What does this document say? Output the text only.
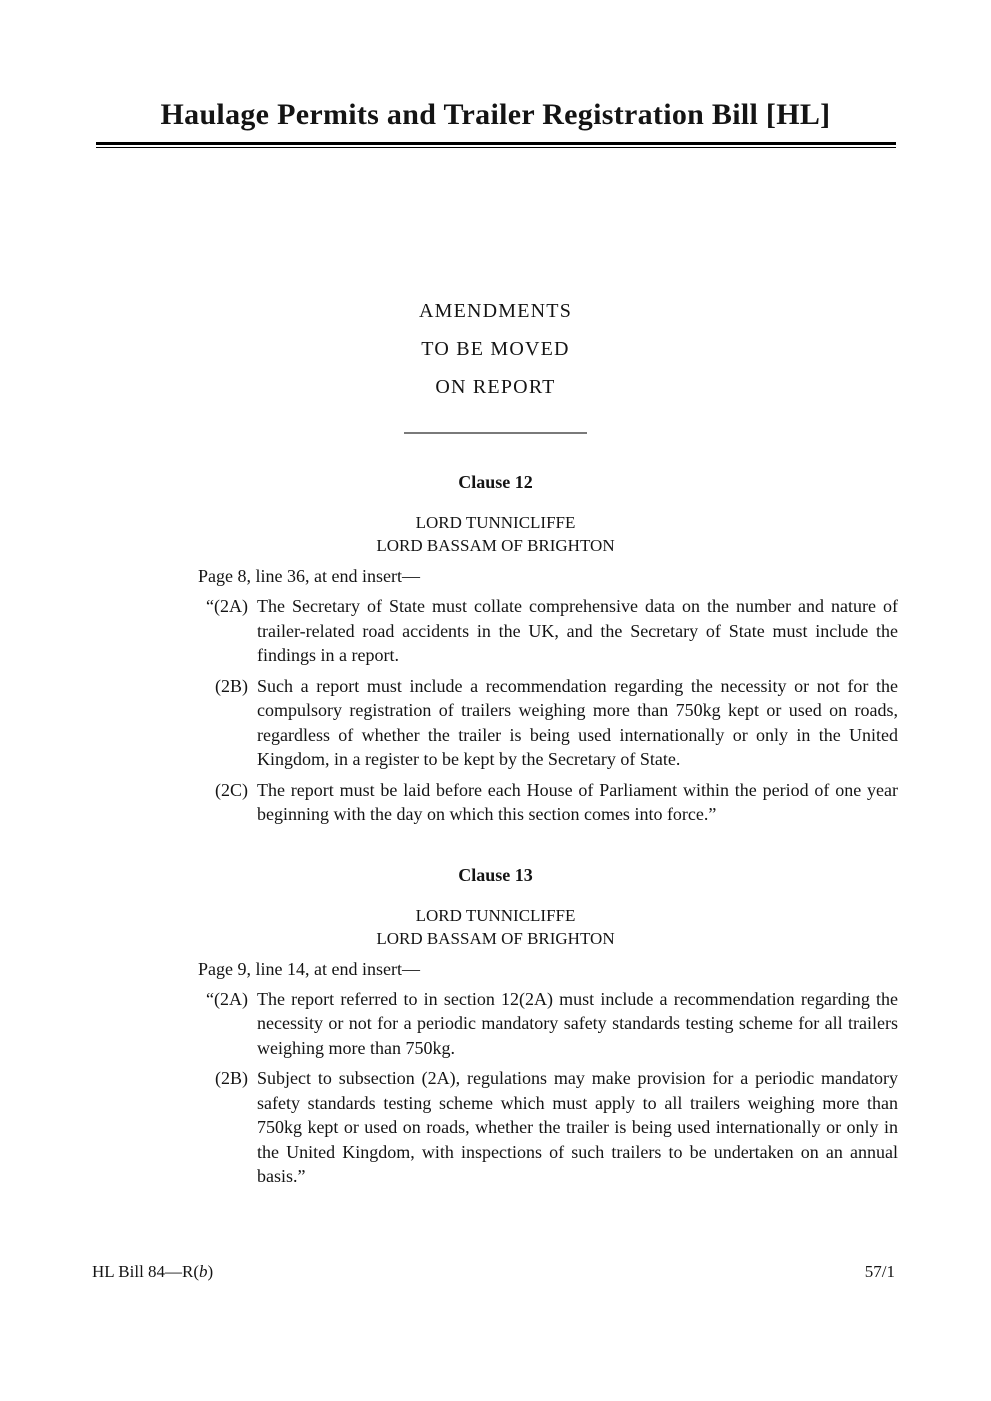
Haulage Permits and Trailer Registration Bill [HL]
AMENDMENTS
TO BE MOVED
ON REPORT
Clause 12
LORD TUNNICLIFFE
LORD BASSAM OF BRIGHTON
Page 8, line 36, at end insert—
“(2A) The Secretary of State must collate comprehensive data on the number and nature of trailer-related road accidents in the UK, and the Secretary of State must include the findings in a report.
(2B) Such a report must include a recommendation regarding the necessity or not for the compulsory registration of trailers weighing more than 750kg kept or used on roads, regardless of whether the trailer is being used internationally or only in the United Kingdom, in a register to be kept by the Secretary of State.
(2C) The report must be laid before each House of Parliament within the period of one year beginning with the day on which this section comes into force.”
Clause 13
LORD TUNNICLIFFE
LORD BASSAM OF BRIGHTON
Page 9, line 14, at end insert—
“(2A) The report referred to in section 12(2A) must include a recommendation regarding the necessity or not for a periodic mandatory safety standards testing scheme for all trailers weighing more than 750kg.
(2B) Subject to subsection (2A), regulations may make provision for a periodic mandatory safety standards testing scheme which must apply to all trailers weighing more than 750kg kept or used on roads, whether the trailer is being used internationally or only in the United Kingdom, with inspections of such trailers to be undertaken on an annual basis.”
HL Bill 84—R(b)	57/1
